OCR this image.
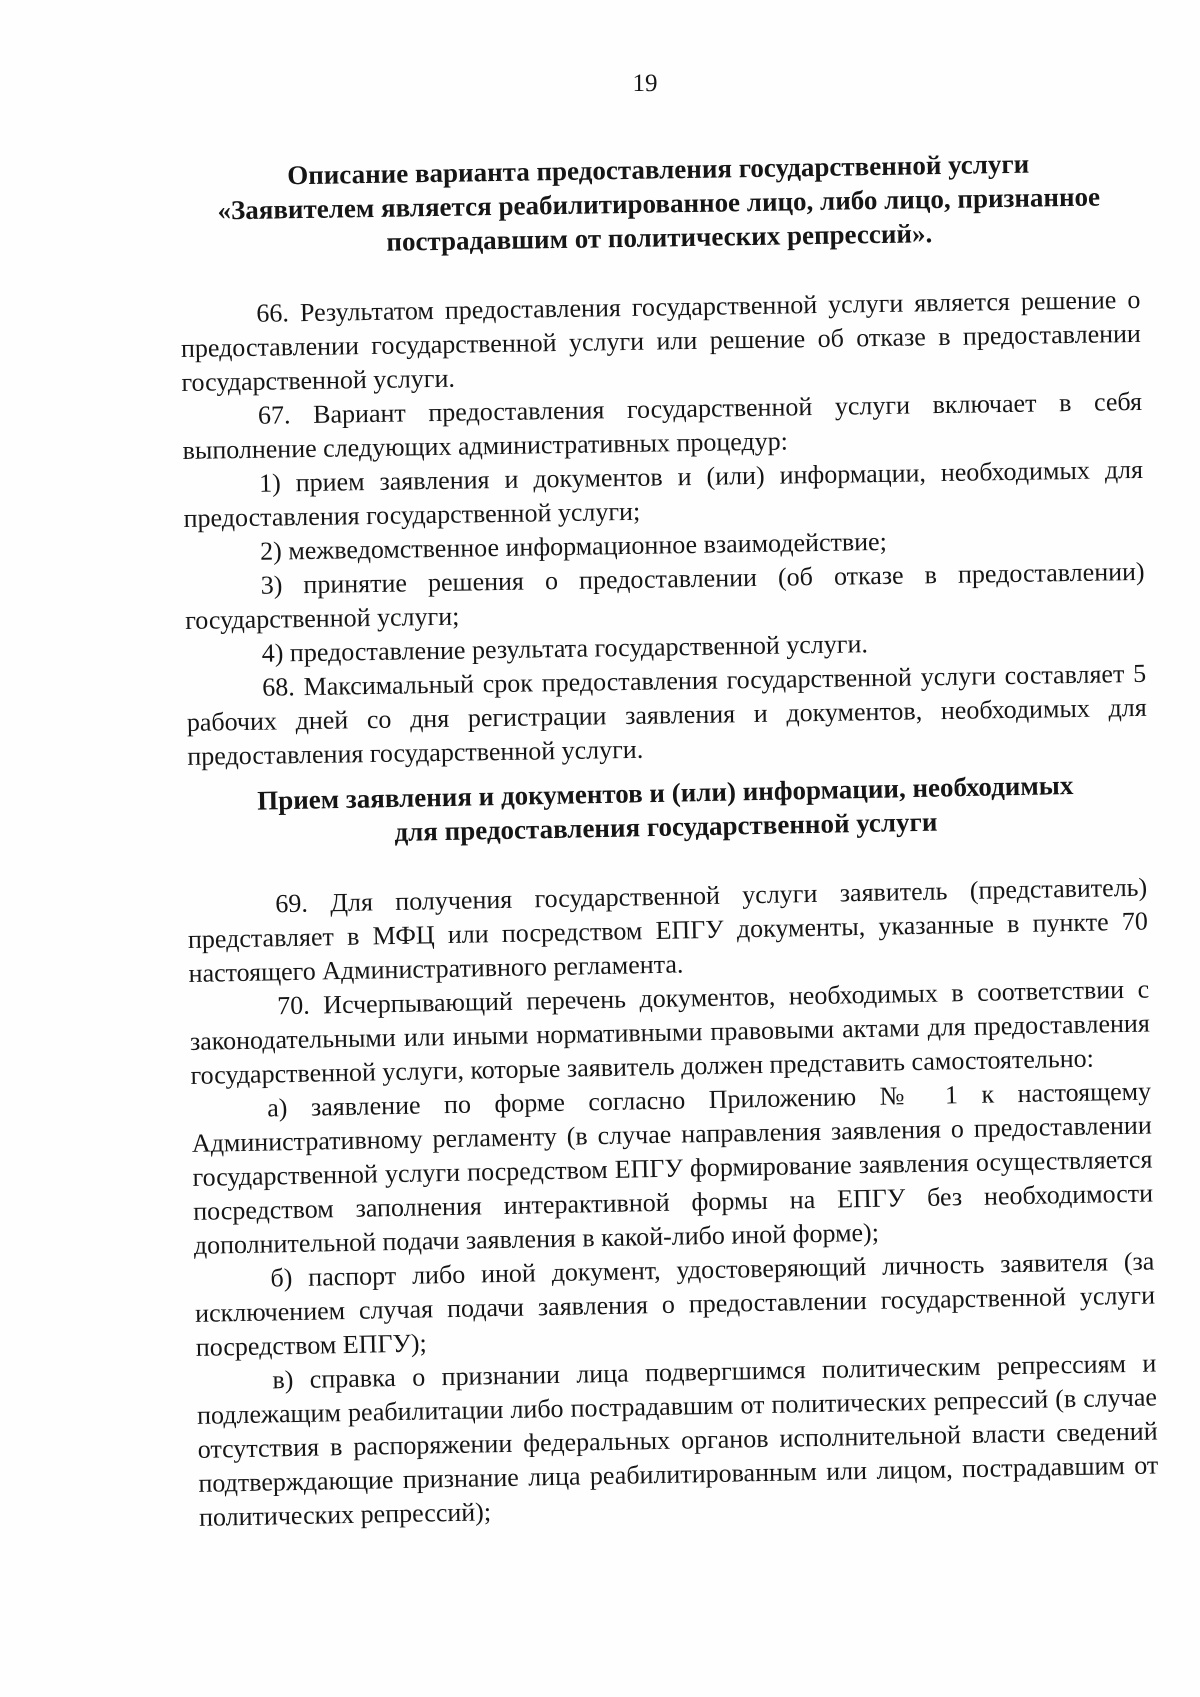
19
Описание варианта предоставления государственной услуги
«Заявителем является реабилитированное лицо, либо лицо, признанное
пострадавшим от политических репрессий».

66. Результатом предоставления государственной услуги является решение о предоставлении государственной услуги или решение об отказе в предоставлении государственной услуги.

67. Вариант предоставления государственной услуги включает в себя выполнение следующих административных процедур:

1) прием заявления и документов и (или) информации, необходимых для предоставления государственной услуги;

2) межведомственное информационное взаимодействие;

3) принятие решения о предоставлении (об отказе в предоставлении) государственной услуги;

4) предоставление результата государственной услуги.

68. Максимальный срок предоставления государственной услуги составляет 5 рабочих дней со дня регистрации заявления и документов, необходимых для предоставления государственной услуги.

Прием заявления и документов и (или) информации, необходимых
для предоставления государственной услуги

69. Для получения государственной услуги заявитель (представитель) представляет в МФЦ или посредством ЕПГУ документы, указанные в пункте 70 настоящего Административного регламента.

70. Исчерпывающий перечень документов, необходимых в соответствии с законодательными или иными нормативными правовыми актами для предоставления государственной услуги, которые заявитель должен представить самостоятельно:

а) заявление по форме согласно Приложению № 1 к настоящему Административному регламенту (в случае направления заявления о предоставлении государственной услуги посредством ЕПГУ формирование заявления осуществляется посредством заполнения интерактивной формы на ЕПГУ без необходимости дополнительной подачи заявления в какой-либо иной форме);

б) паспорт либо иной документ, удостоверяющий личность заявителя (за исключением случая подачи заявления о предоставлении государственной услуги посредством ЕПГУ);

в) справка о признании лица подвергшимся политическим репрессиям и подлежащим реабилитации либо пострадавшим от политических репрессий (в случае отсутствия в распоряжении федеральных органов исполнительной власти сведений подтверждающие признание лица реабилитированным или лицом, пострадавшим от политических репрессий);
